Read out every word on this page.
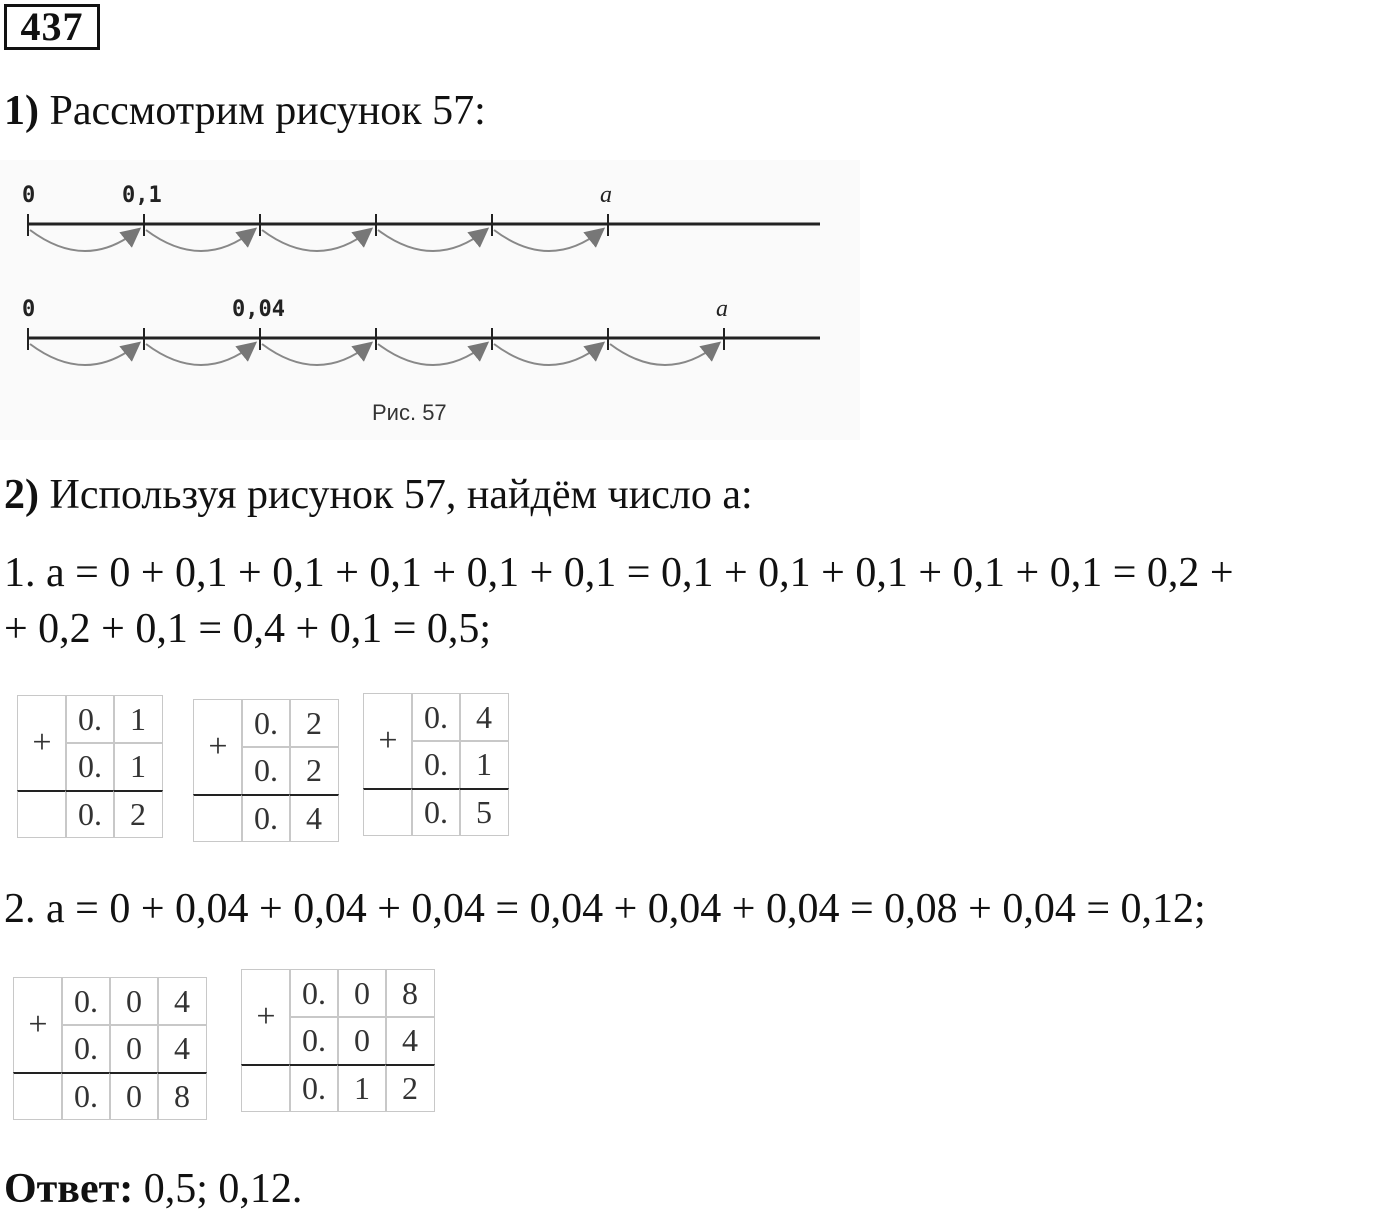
437
1) Рассмотрим рисунок 57:
0	0,1	a
0	0,04	a
Рис. 57
2) Используя рисунок 57, найдём число а:
1. а = 0 + 0,1 + 0,1 + 0,1 + 0,1 + 0,1 = 0,1 + 0,1 + 0,1 + 0,1 + 0,1 = 0,2 +
+ 0,2 + 0,1 = 0,4 + 0,1 = 0,5;
+
0. 1
0. 1
0. 2
+
0. 2
0. 2
0. 4
+
0. 4
0. 1
0. 5
2. а = 0 + 0,04 + 0,04 + 0,04 = 0,04 + 0,04 + 0,04 = 0,08 + 0,04 = 0,12;
+
0. 0	4
0. 0	4
0. 0	8
+
0. 0	8
0. 0	4
0. 1	2
Ответ: 0,5; 0,12.
